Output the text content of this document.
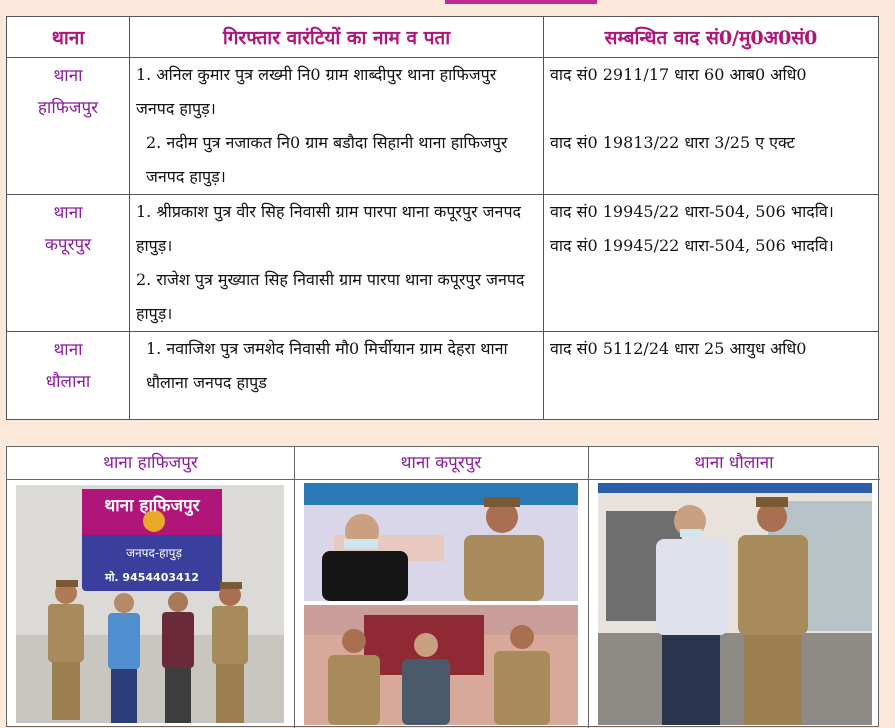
थाना	गिरफ्तार वारंटियों का नाम व पता	सम्बन्धित वाद सं0/मु0अ0सं0

थाना
हाफिजपुर	1. अनिल कुमार पुत्र लख्मी नि0 ग्राम शाब्दीपुर थाना हाफिजपुर जनपद हापुड़।
2. नदीम पुत्र नजाकत नि0 ग्राम बडौदा सिहानी थाना हाफिजपुर जनपद हापुड़।	वाद सं0 2911/17 धारा 60 आब0 अधि0
वाद सं0 19813/22 धारा 3/25 ए एक्ट

थाना
कपूरपुर	1. श्रीप्रकाश पुत्र वीर सिह निवासी ग्राम पारपा थाना कपूरपुर जनपद हापुड़।
2. राजेश पुत्र मुख्यात सिह निवासी ग्राम पारपा थाना कपूरपुर जनपद हापुड़।	वाद सं0 19945/22 धारा-504, 506 भादवि।
वाद सं0 19945/22 धारा-504, 506 भादवि।

थाना
धौलाना	1. नवाजिश पुत्र जमशेद निवासी मौ0 मिर्चीयान ग्राम देहरा थाना धौलाना जनपद हापुड	वाद सं0 5112/24 धारा 25 आयुध अधि0
थाना हाफिजपुर
थाना हाफिजपुर
जनपद-हापुड़
मो. 9454403412
थाना कपूरपुर	थाना धौलाना
